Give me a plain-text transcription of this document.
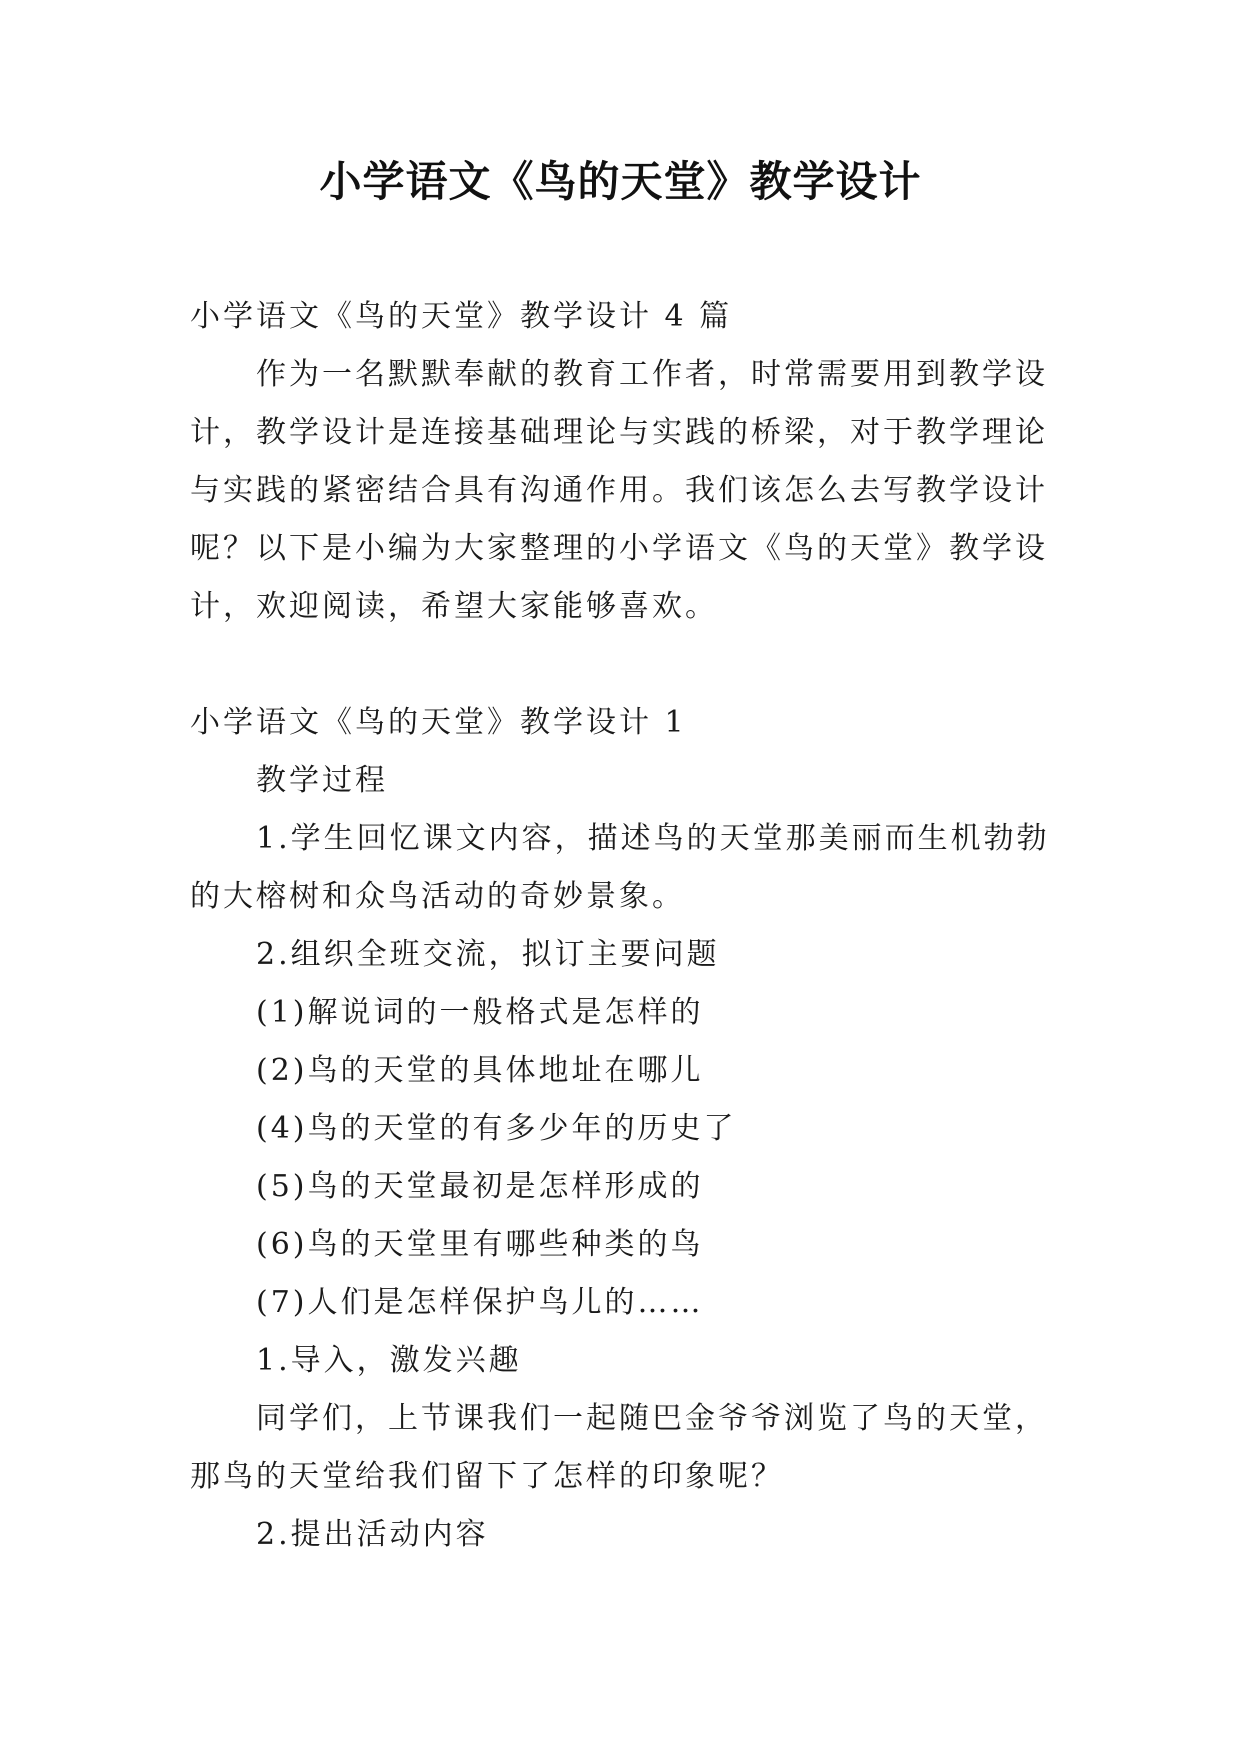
小学语文《鸟的天堂》教学设计

小学语文《鸟的天堂》教学设计 4 篇

作为一名默默奉献的教育工作者，时常需要用到教学设计，教学设计是连接基础理论与实践的桥梁，对于教学理论与实践的紧密结合具有沟通作用。我们该怎么去写教学设计呢？以下是小编为大家整理的小学语文《鸟的天堂》教学设计，欢迎阅读，希望大家能够喜欢。

小学语文《鸟的天堂》教学设计 1

教学过程

1.学生回忆课文内容，描述鸟的天堂那美丽而生机勃勃的大榕树和众鸟活动的奇妙景象。

2.组织全班交流，拟订主要问题

(1)解说词的一般格式是怎样的

(2)鸟的天堂的具体地址在哪儿

(4)鸟的天堂的有多少年的历史了

(5)鸟的天堂最初是怎样形成的

(6)鸟的天堂里有哪些种类的鸟

(7)人们是怎样保护鸟儿的……

1.导入，激发兴趣

同学们，上节课我们一起随巴金爷爷浏览了鸟的天堂，那鸟的天堂给我们留下了怎样的印象呢？

2.提出活动内容
